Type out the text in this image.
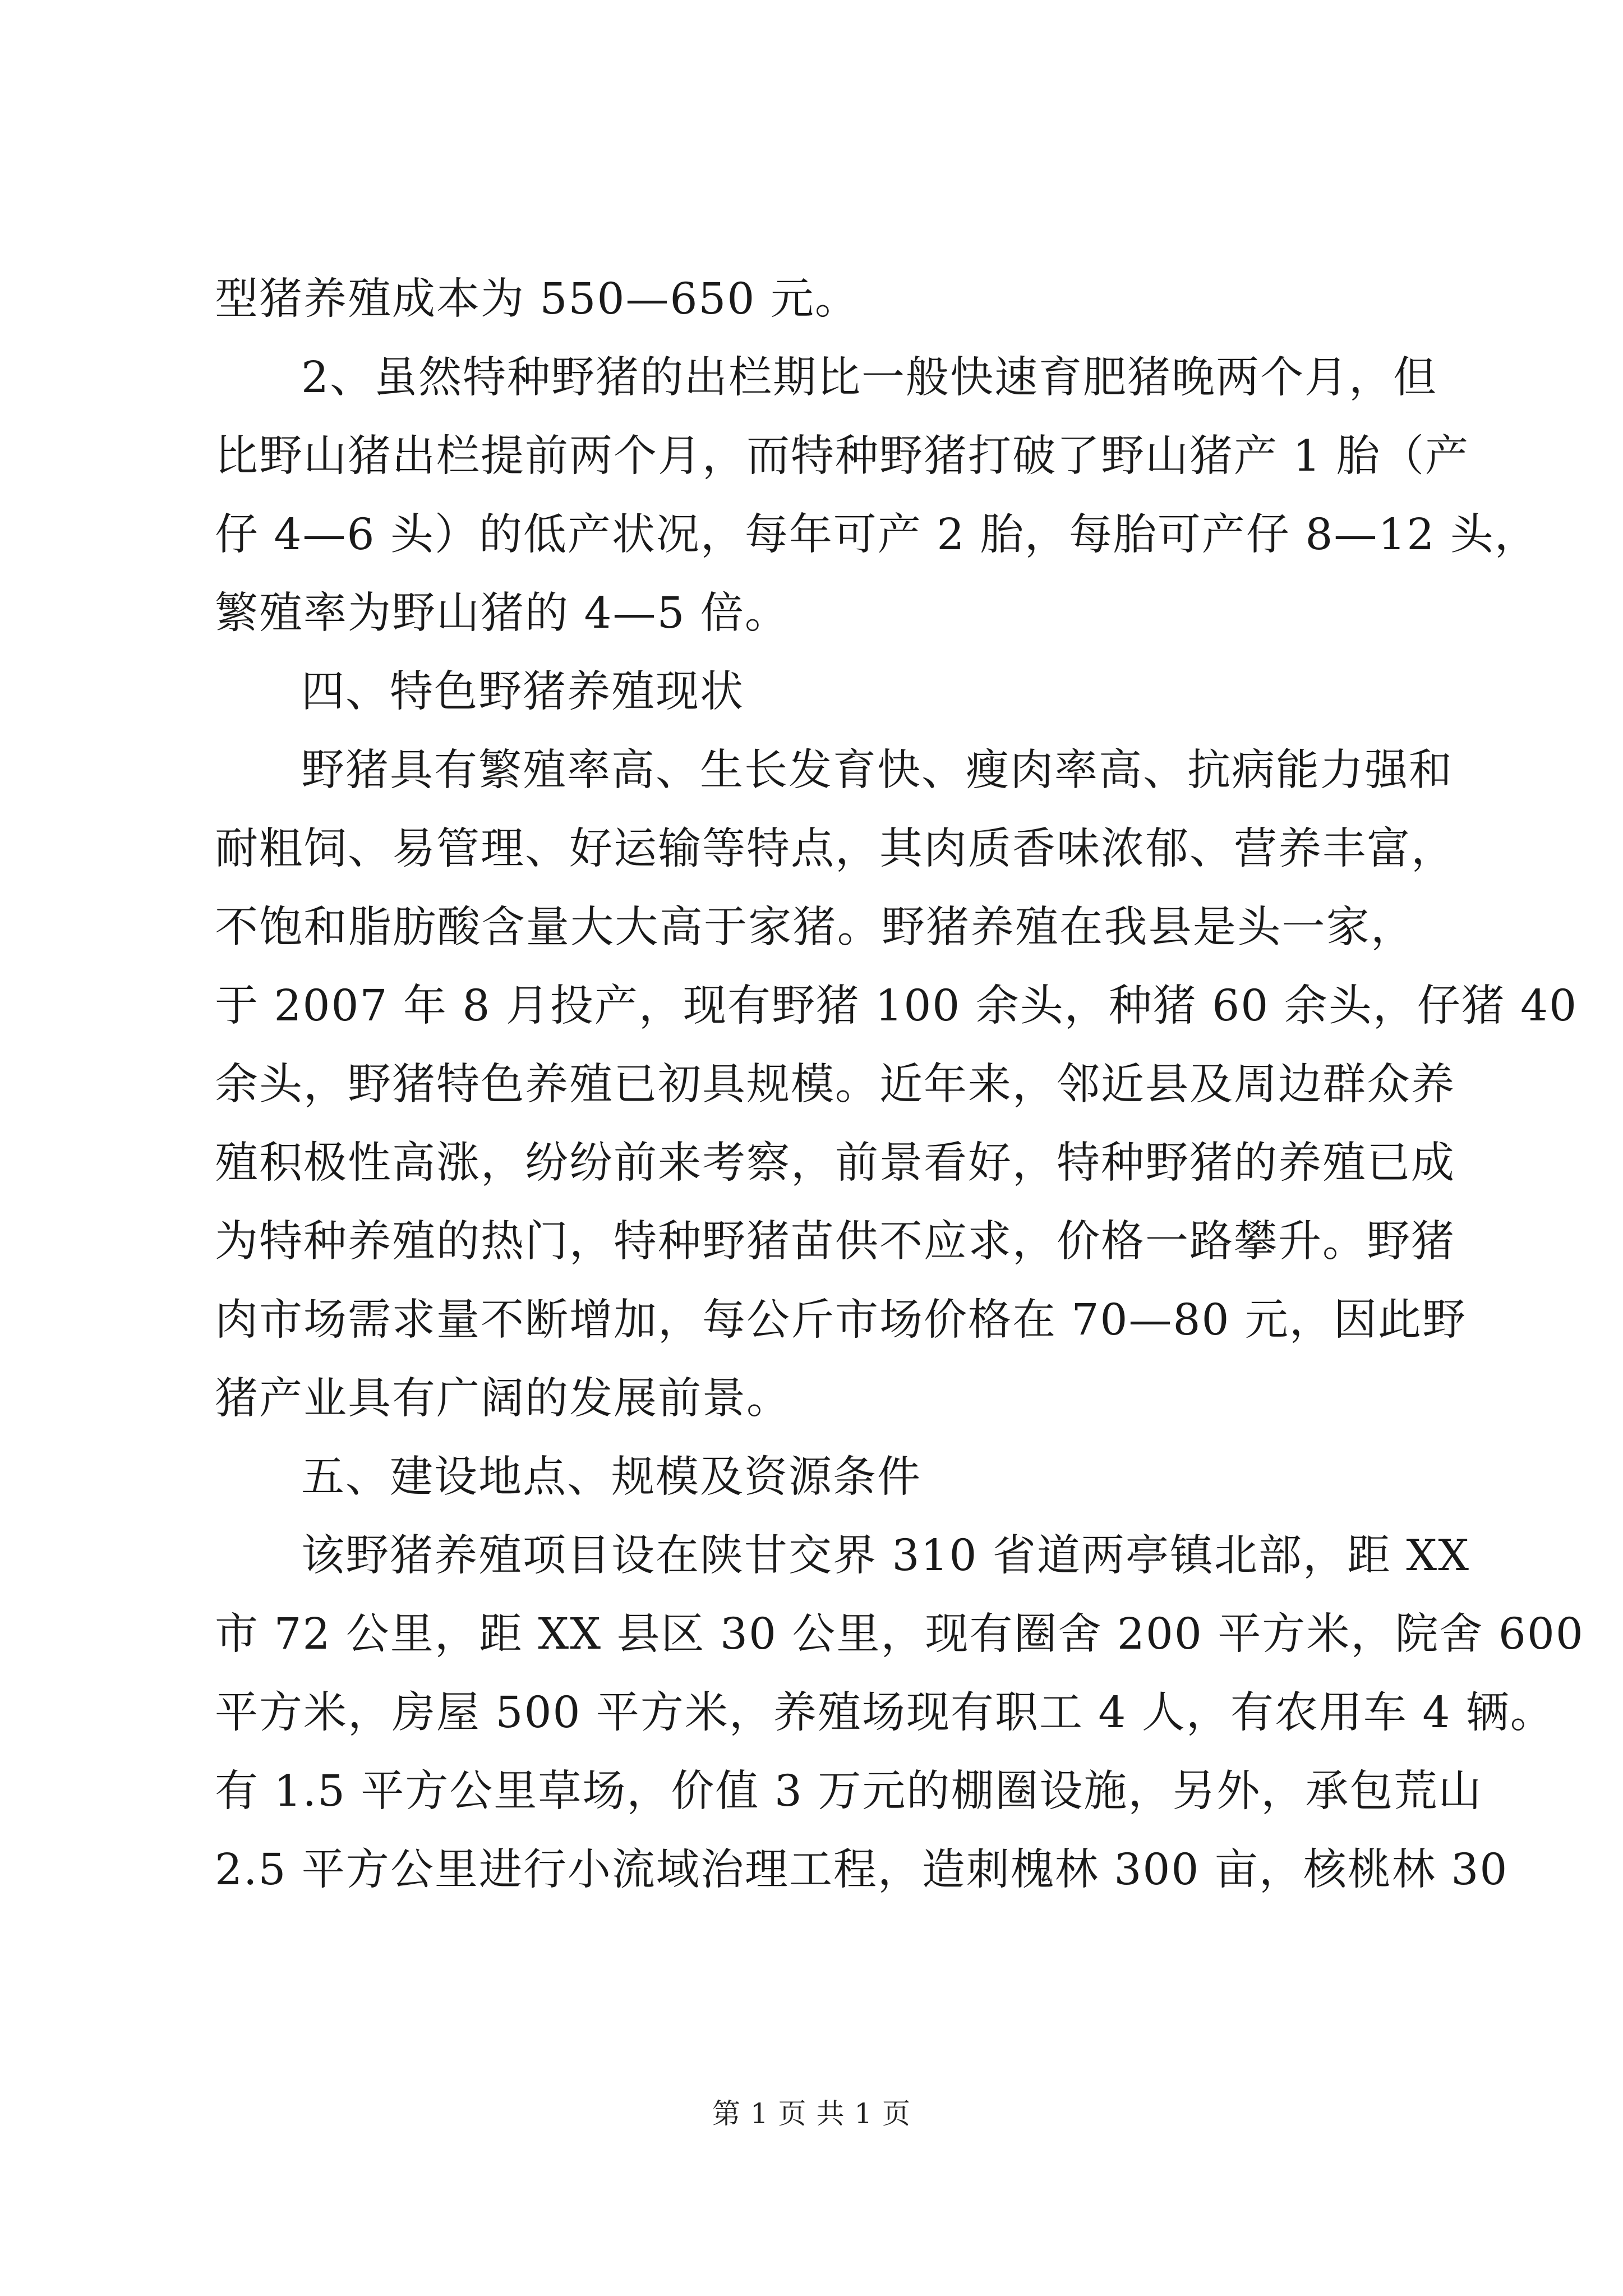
型猪养殖成本为 550—650 元。
2、虽然特种野猪的出栏期比一般快速育肥猪晚两个月，但
比野山猪出栏提前两个月，而特种野猪打破了野山猪产 1 胎（产
仔 4—6 头）的低产状况，每年可产 2 胎，每胎可产仔 8—12 头，
繁殖率为野山猪的 4—5 倍。
四、特色野猪养殖现状
野猪具有繁殖率高、生长发育快、瘦肉率高、抗病能力强和
耐粗饲、易管理、好运输等特点，其肉质香味浓郁、营养丰富，
不饱和脂肪酸含量大大高于家猪。野猪养殖在我县是头一家，
于 2007 年 8 月投产，现有野猪 100 余头，种猪 60 余头，仔猪 40
余头，野猪特色养殖已初具规模。近年来，邻近县及周边群众养
殖积极性高涨，纷纷前来考察，前景看好，特种野猪的养殖已成
为特种养殖的热门，特种野猪苗供不应求，价格一路攀升。野猪
肉市场需求量不断增加，每公斤市场价格在 70—80 元，因此野
猪产业具有广阔的发展前景。
五、建设地点、规模及资源条件
该野猪养殖项目设在陕甘交界 310 省道两亭镇北部，距 XX
市 72 公里，距 XX 县区 30 公里，现有圈舍 200 平方米，院舍 600
平方米，房屋 500 平方米，养殖场现有职工 4 人，有农用车 4 辆。
有 1.5 平方公里草场，价值 3 万元的棚圈设施，另外，承包荒山
2.5 平方公里进行小流域治理工程，造刺槐林 300 亩，核桃林 30
第 1 页 共 1 页
